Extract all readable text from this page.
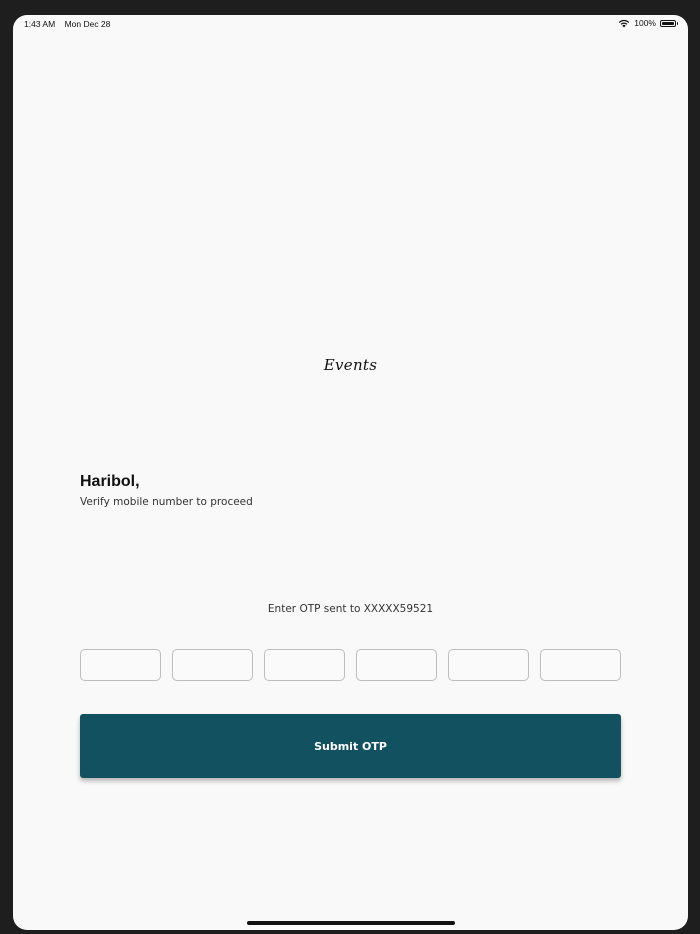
1:43 AM Mon Dec 28	100%
Events
Haribol,
Verify mobile number to proceed
Enter OTP sent to XXXXX59521
Submit OTP
